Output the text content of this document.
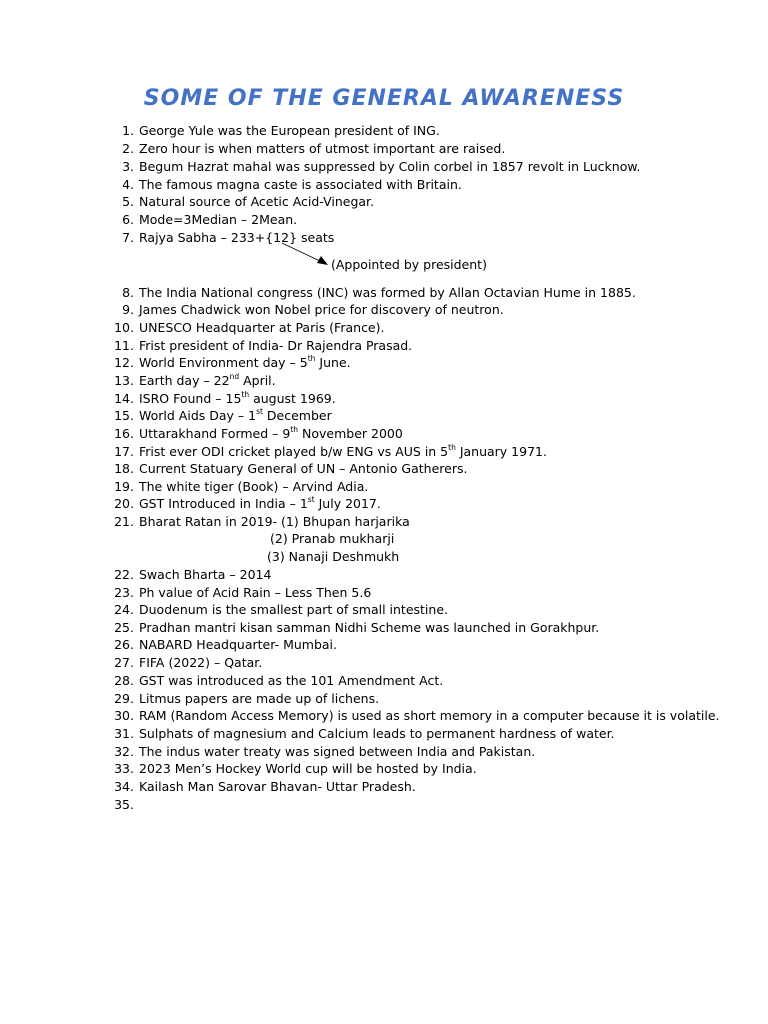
SOME OF THE GENERAL AWARENESS
1. George Yule was the European president of ING.
2. Zero hour is when matters of utmost important are raised.
3. Begum Hazrat mahal was suppressed by Colin corbel in 1857 revolt in Lucknow.
4. The famous magna caste is associated with Britain.
5. Natural source of Acetic Acid-Vinegar.
6. Mode=3Median – 2Mean.
7. Rajya Sabha – 233+{12} seats
8. The India National congress (INC) was formed by Allan Octavian Hume in 1885.
9. James Chadwick won Nobel price for discovery of neutron.
10. UNESCO Headquarter at Paris (France).
11. Frist president of India- Dr Rajendra Prasad.
12. World Environment day – 5th June.
13. Earth day – 22nd April.
14. ISRO Found – 15th august 1969.
15. World Aids Day – 1st December
16. Uttarakhand Formed – 9th November 2000
17. Frist ever ODI cricket played b/w ENG vs AUS in 5th January 1971.
18. Current Statuary General of UN – Antonio Gatherers.
19. The white tiger (Book) – Arvind Adia.
20. GST Introduced in India – 1st July 2017.
21. Bharat Ratan in 2019- (1) Bhupan harjarika
22. Swach Bharta – 2014
23. Ph value of Acid Rain – Less Then 5.6
24. Duodenum is the smallest part of small intestine.
25. Pradhan mantri kisan samman Nidhi Scheme was launched in Gorakhpur.
26. NABARD Headquarter- Mumbai.
27. FIFA (2022) – Qatar.
28. GST was introduced as the 101 Amendment Act.
29. Litmus papers are made up of lichens.
30. RAM (Random Access Memory) is used as short memory in a computer because it is volatile.
31. Sulphats of magnesium and Calcium leads to permanent hardness of water.
32. The indus water treaty was signed between India and Pakistan.
33. 2023 Men’s Hockey World cup will be hosted by India.
34. Kailash Man Sarovar Bhavan- Uttar Pradesh.
35.
(Appointed by president)
(2) Pranab mukharji
(3) Nanaji Deshmukh
